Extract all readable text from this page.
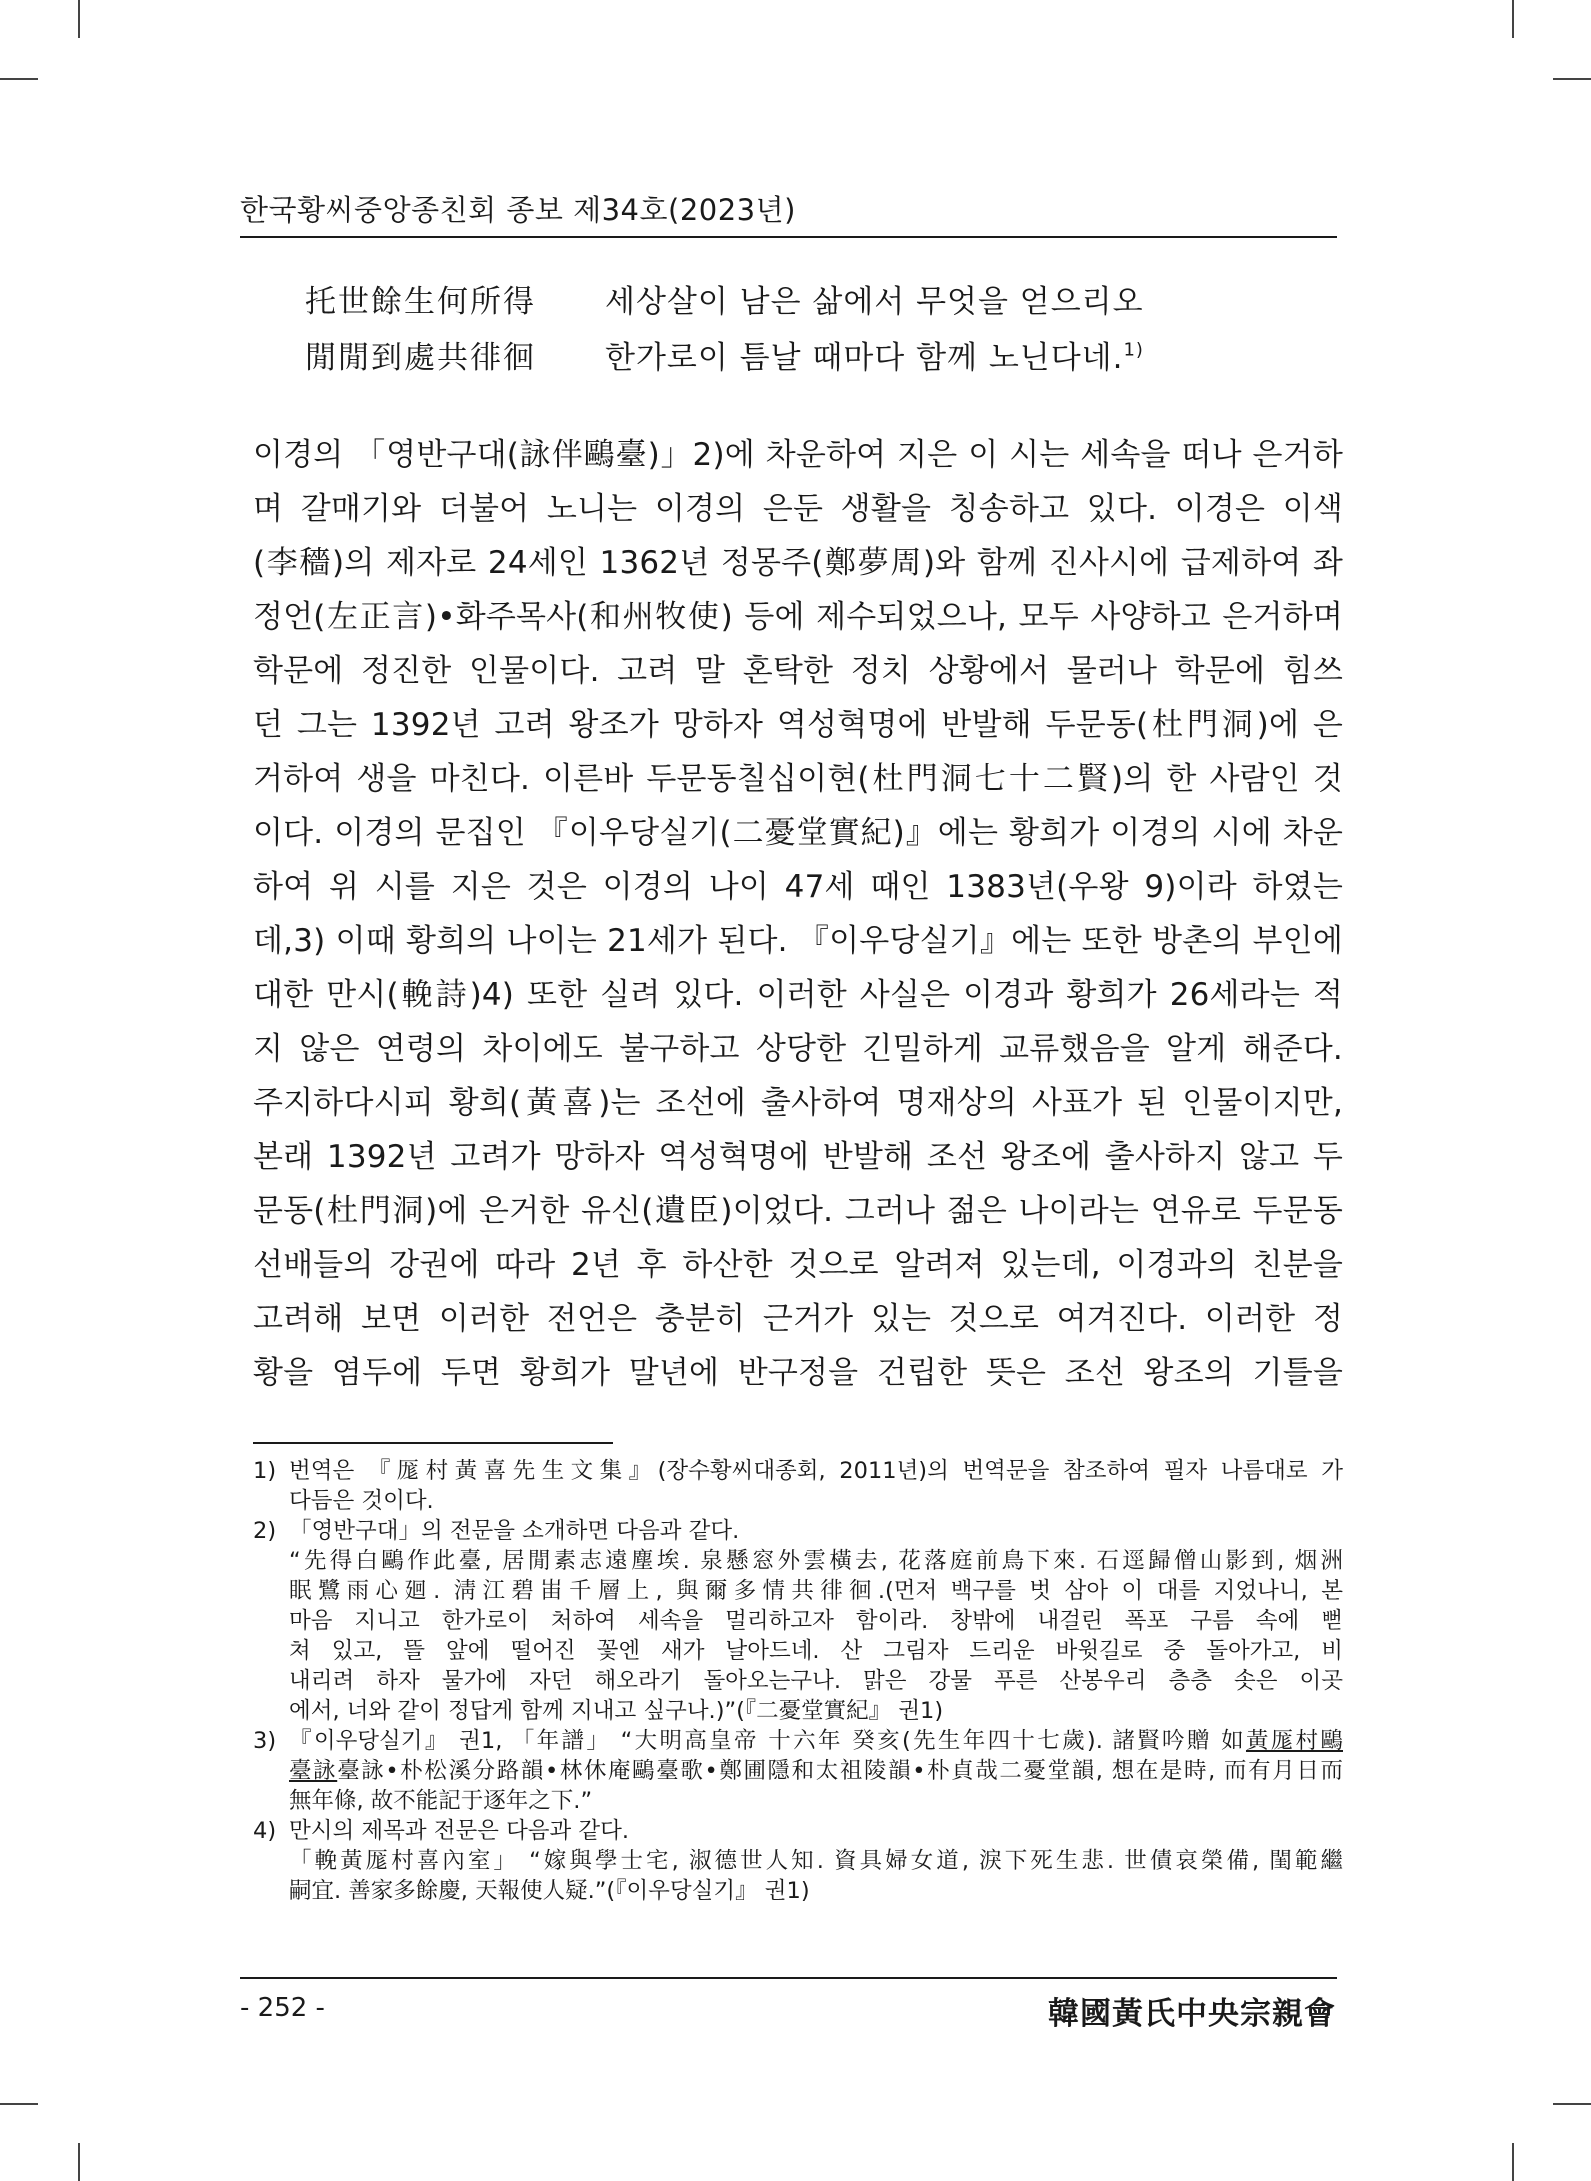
한국황씨중앙종친회 종보 제34호(2023년)
托世餘生何所得	세상살이 남은 삶에서 무엇을 얻으리오
閒閒到處共徘徊	한가로이 틈날 때마다 함께 노닌다네.$^{1)}$
이경의 「영반구대(詠伴鷗臺)」2)에 차운하여 지은 이 시는 세속을 떠나 은거하
며 갈매기와 더불어 노니는 이경의 은둔 생활을 칭송하고 있다. 이경은 이색
(李穡)의 제자로 24세인 1362년 정몽주(鄭夢周)와 함께 진사시에 급제하여 좌
정언(左正言)•화주목사(和州牧使) 등에 제수되었으나, 모두 사양하고 은거하며
학문에 정진한 인물이다. 고려 말 혼탁한 정치 상황에서 물러나 학문에 힘쓰
던 그는 1392년 고려 왕조가 망하자 역성혁명에 반발해 두문동(杜門洞)에 은
거하여 생을 마친다. 이른바 두문동칠십이현(杜門洞七十二賢)의 한 사람인 것
이다. 이경의 문집인 『이우당실기(二憂堂實紀)』에는 황희가 이경의 시에 차운
하여 위 시를 지은 것은 이경의 나이 47세 때인 1383년(우왕 9)이라 하였는
데,3) 이때 황희의 나이는 21세가 된다. 『이우당실기』에는 또한 방촌의 부인에
대한 만시(輓詩)4) 또한 실려 있다. 이러한 사실은 이경과 황희가 26세라는 적
지 않은 연령의 차이에도 불구하고 상당한 긴밀하게 교류했음을 알게 해준다.
주지하다시피 황희(黃喜)는 조선에 출사하여 명재상의 사표가 된 인물이지만,
본래 1392년 고려가 망하자 역성혁명에 반발해 조선 왕조에 출사하지 않고 두
문동(杜門洞)에 은거한 유신(遺臣)이었다. 그러나 젊은 나이라는 연유로 두문동
선배들의 강권에 따라 2년 후 하산한 것으로 알려져 있는데, 이경과의 친분을
고려해 보면 이러한 전언은 충분히 근거가 있는 것으로 여겨진다. 이러한 정
황을 염두에 두면 황희가 말년에 반구정을 건립한 뜻은 조선 왕조의 기틀을
1) 번역은 『厖村黃喜先生文集』(장수황씨대종회, 2011년)의 번역문을 참조하여 필자 나름대로 가
다듬은 것이다.
2) 「영반구대」의 전문을 소개하면 다음과 같다.
“先得白鷗作此臺, 居閒素志遠塵埃. 泉懸窓外雲橫去, 花落庭前鳥下來. 石逕歸僧山影到, 烟洲
眠鷺雨心廻. 淸江碧峀千層上, 與爾多情共徘徊.(먼저 백구를 벗 삼아 이 대를 지었나니, 본
마음 지니고 한가로이 처하여 세속을 멀리하고자 함이라. 창밖에 내걸린 폭포 구름 속에 뻗
쳐 있고, 뜰 앞에 떨어진 꽃엔 새가 날아드네. 산 그림자 드리운 바윗길로 중 돌아가고, 비
내리려 하자 물가에 자던 해오라기 돌아오는구나. 맑은 강물 푸른 산봉우리 층층 솟은 이곳
에서, 너와 같이 정답게 함께 지내고 싶구나.)”(『二憂堂實紀』 권1)
3) 『이우당실기』 권1, 「年譜」 “大明高皇帝 十六年 癸亥(先生年四十七歲). 諸賢吟贈 如黃厖村鷗
臺詠臺詠•朴松溪分路韻•林休庵鷗臺歌•鄭圃隱和太祖陵韻•朴貞哉二憂堂韻, 想在是時, 而有月日而
無年條, 故不能記于逐年之下.”
4) 만시의 제목과 전문은 다음과 같다.
「輓黃厖村喜內室」 “嫁與學士宅, 淑德世人知. 資具婦女道, 淚下死生悲. 世債哀榮備, 閨範繼
嗣宜. 善家多餘慶, 天報使人疑.”(『이우당실기』 권1)
- 252 -	韓國黃氏中央宗親會
